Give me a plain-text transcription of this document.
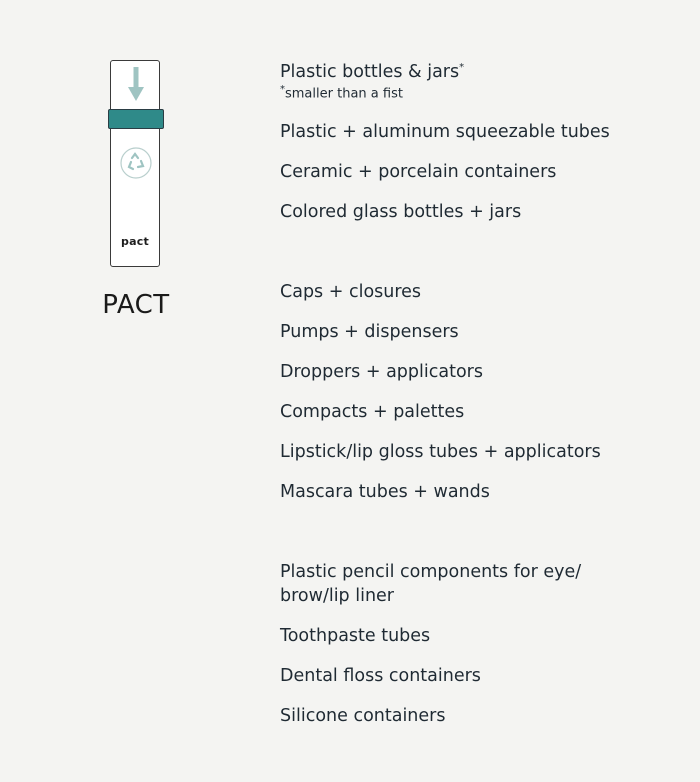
pact
PACT
Plastic bottles & jars*
*smaller than a fist
Plastic + aluminum squeezable tubes
Ceramic + porcelain containers
Colored glass bottles + jars
Caps + closures
Pumps + dispensers
Droppers + applicators
Compacts + palettes
Lipstick/lip gloss tubes + applicators
Mascara tubes + wands
Plastic pencil components for eye/ brow/lip liner
Toothpaste tubes
Dental floss containers
Silicone containers
